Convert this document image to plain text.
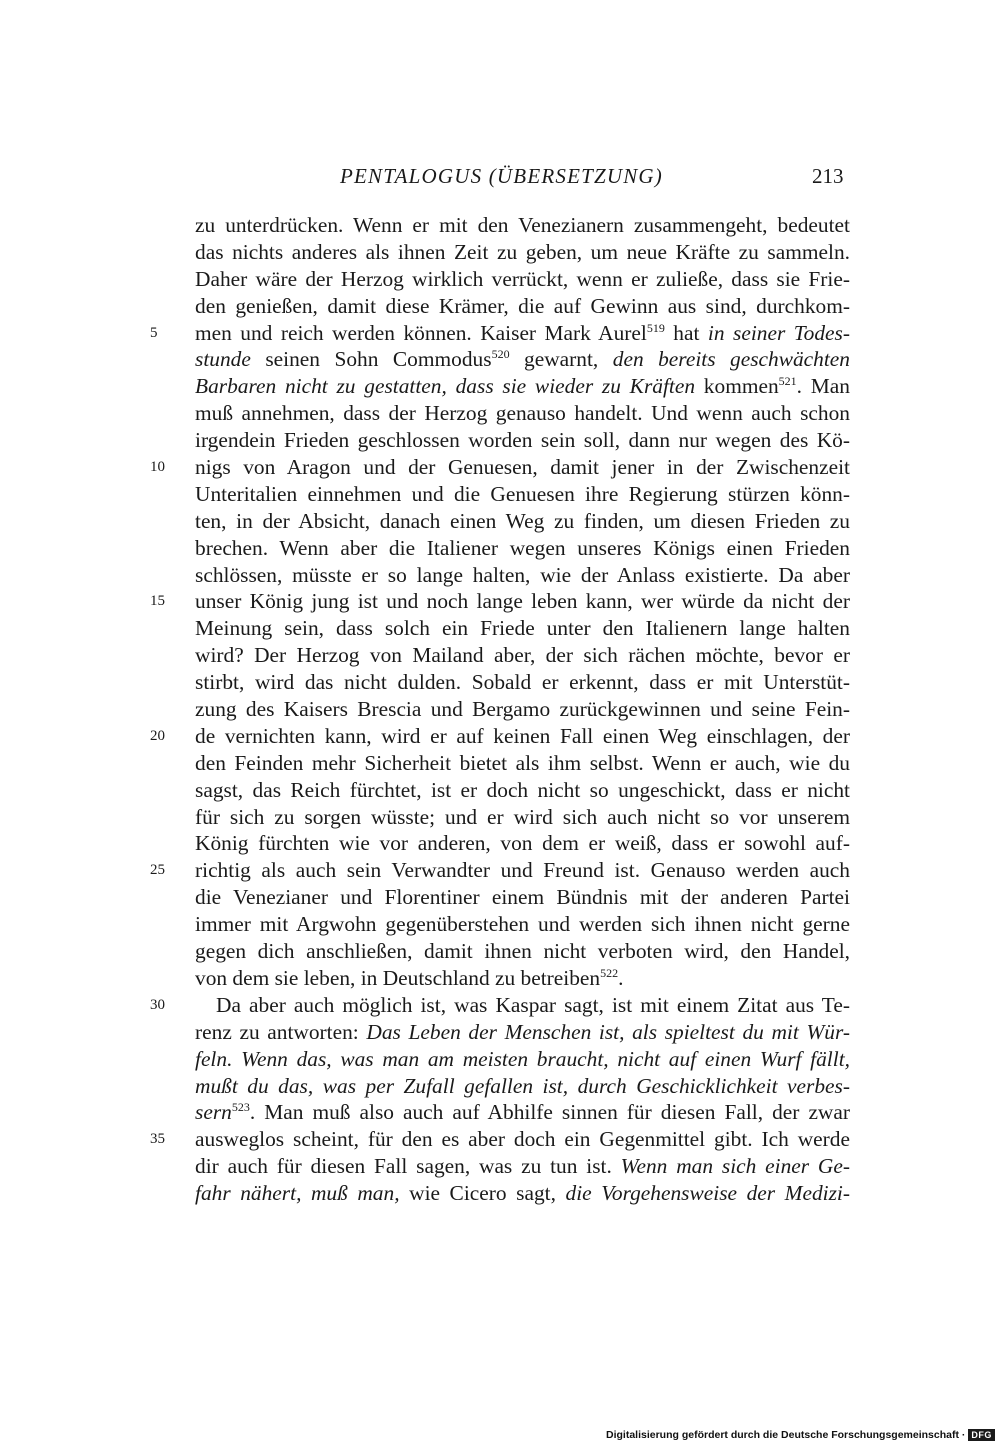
PENTALOGUS (ÜBERSETZUNG)	213
zu unterdrücken. Wenn er mit den Venezianern zusammengeht, bedeutet
das nichts anderes als ihnen Zeit zu geben, um neue Kräfte zu sammeln.
Daher wäre der Herzog wirklich verrückt, wenn er zuließe, dass sie Frie-
den genießen, damit diese Krämer, die auf Gewinn aus sind, durchkom-
5	men und reich werden können. Kaiser Mark Aurel$^{519}$ hat in seiner Todes-
stunde seinen Sohn Commodus$^{520}$ gewarnt, den bereits geschwächten
Barbaren nicht zu gestatten, dass sie wieder zu Kräften kommen$^{521}$. Man
muß annehmen, dass der Herzog genauso handelt. Und wenn auch schon
irgendein Frieden geschlossen worden sein soll, dann nur wegen des Kö-
10	nigs von Aragon und der Genuesen, damit jener in der Zwischenzeit
Unteritalien einnehmen und die Genuesen ihre Regierung stürzen könn-
ten, in der Absicht, danach einen Weg zu finden, um diesen Frieden zu
brechen. Wenn aber die Italiener wegen unseres Königs einen Frieden
schlössen, müsste er so lange halten, wie der Anlass existierte. Da aber
15	unser König jung ist und noch lange leben kann, wer würde da nicht der
Meinung sein, dass solch ein Friede unter den Italienern lange halten
wird? Der Herzog von Mailand aber, der sich rächen möchte, bevor er
stirbt, wird das nicht dulden. Sobald er erkennt, dass er mit Unterstüt-
zung des Kaisers Brescia und Bergamo zurückgewinnen und seine Fein-
20	de vernichten kann, wird er auf keinen Fall einen Weg einschlagen, der
den Feinden mehr Sicherheit bietet als ihm selbst. Wenn er auch, wie du
sagst, das Reich fürchtet, ist er doch nicht so ungeschickt, dass er nicht
für sich zu sorgen wüsste; und er wird sich auch nicht so vor unserem
König fürchten wie vor anderen, von dem er weiß, dass er sowohl auf-
25	richtig als auch sein Verwandter und Freund ist. Genauso werden auch
die Venezianer und Florentiner einem Bündnis mit der anderen Partei
immer mit Argwohn gegenüberstehen und werden sich ihnen nicht gerne
gegen dich anschließen, damit ihnen nicht verboten wird, den Handel,
von dem sie leben, in Deutschland zu betreiben$^{522}$.
30	Da aber auch möglich ist, was Kaspar sagt, ist mit einem Zitat aus Te-
renz zu antworten: Das Leben der Menschen ist, als spieltest du mit Wür-
feln. Wenn das, was man am meisten braucht, nicht auf einen Wurf fällt,
mußt du das, was per Zufall gefallen ist, durch Geschicklichkeit verbes-
sern$^{523}$. Man muß also auch auf Abhilfe sinnen für diesen Fall, der zwar
35	ausweglos scheint, für den es aber doch ein Gegenmittel gibt. Ich werde
dir auch für diesen Fall sagen, was zu tun ist. Wenn man sich einer Ge-
fahr nähert, muß man, wie Cicero sagt, die Vorgehensweise der Medizi-
Digitalisierung gefördert durch die Deutsche Forschungsgemeinschaft · DFG
